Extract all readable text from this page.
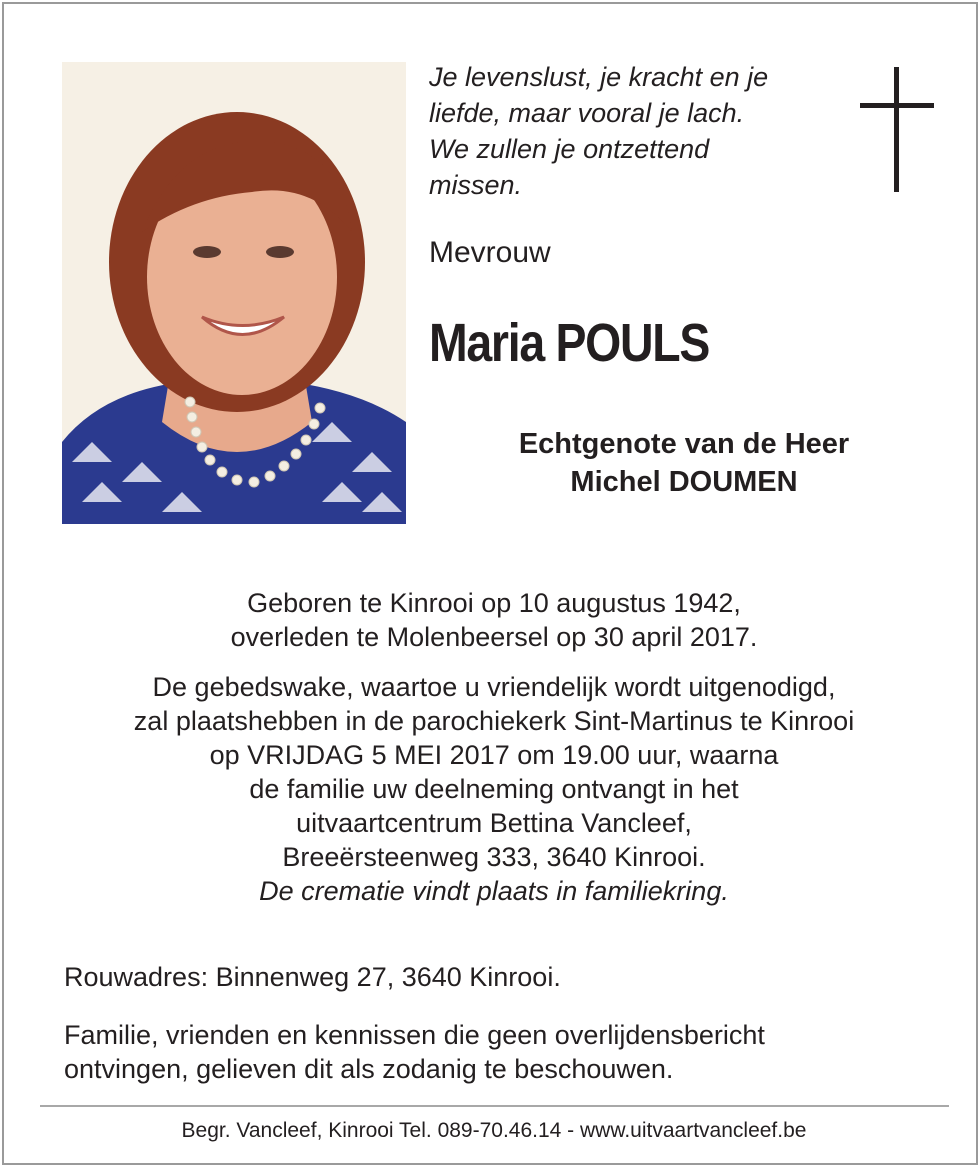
Je levenslust, je kracht en je
liefde, maar vooral je lach.
We zullen je ontzettend
missen.
Mevrouw
Maria POULS
Echtgenote van de Heer
Michel DOUMEN
Geboren te Kinrooi op 10 augustus 1942,
overleden te Molenbeersel op 30 april 2017.
De gebedswake, waartoe u vriendelijk wordt uitgenodigd,
zal plaatshebben in de parochiekerk Sint-Martinus te Kinrooi
op VRIJDAG 5 MEI 2017 om 19.00 uur, waarna
de familie uw deelneming ontvangt in het
uitvaartcentrum Bettina Vancleef,
Breeërsteenweg 333, 3640 Kinrooi.
De crematie vindt plaats in familiekring.
Rouwadres: Binnenweg 27, 3640 Kinrooi.
Familie, vrienden en kennissen die geen overlijdensbericht
ontvingen, gelieven dit als zodanig te beschouwen.
Begr. Vancleef, Kinrooi Tel. 089-70.46.14 - www.uitvaartvancleef.be
